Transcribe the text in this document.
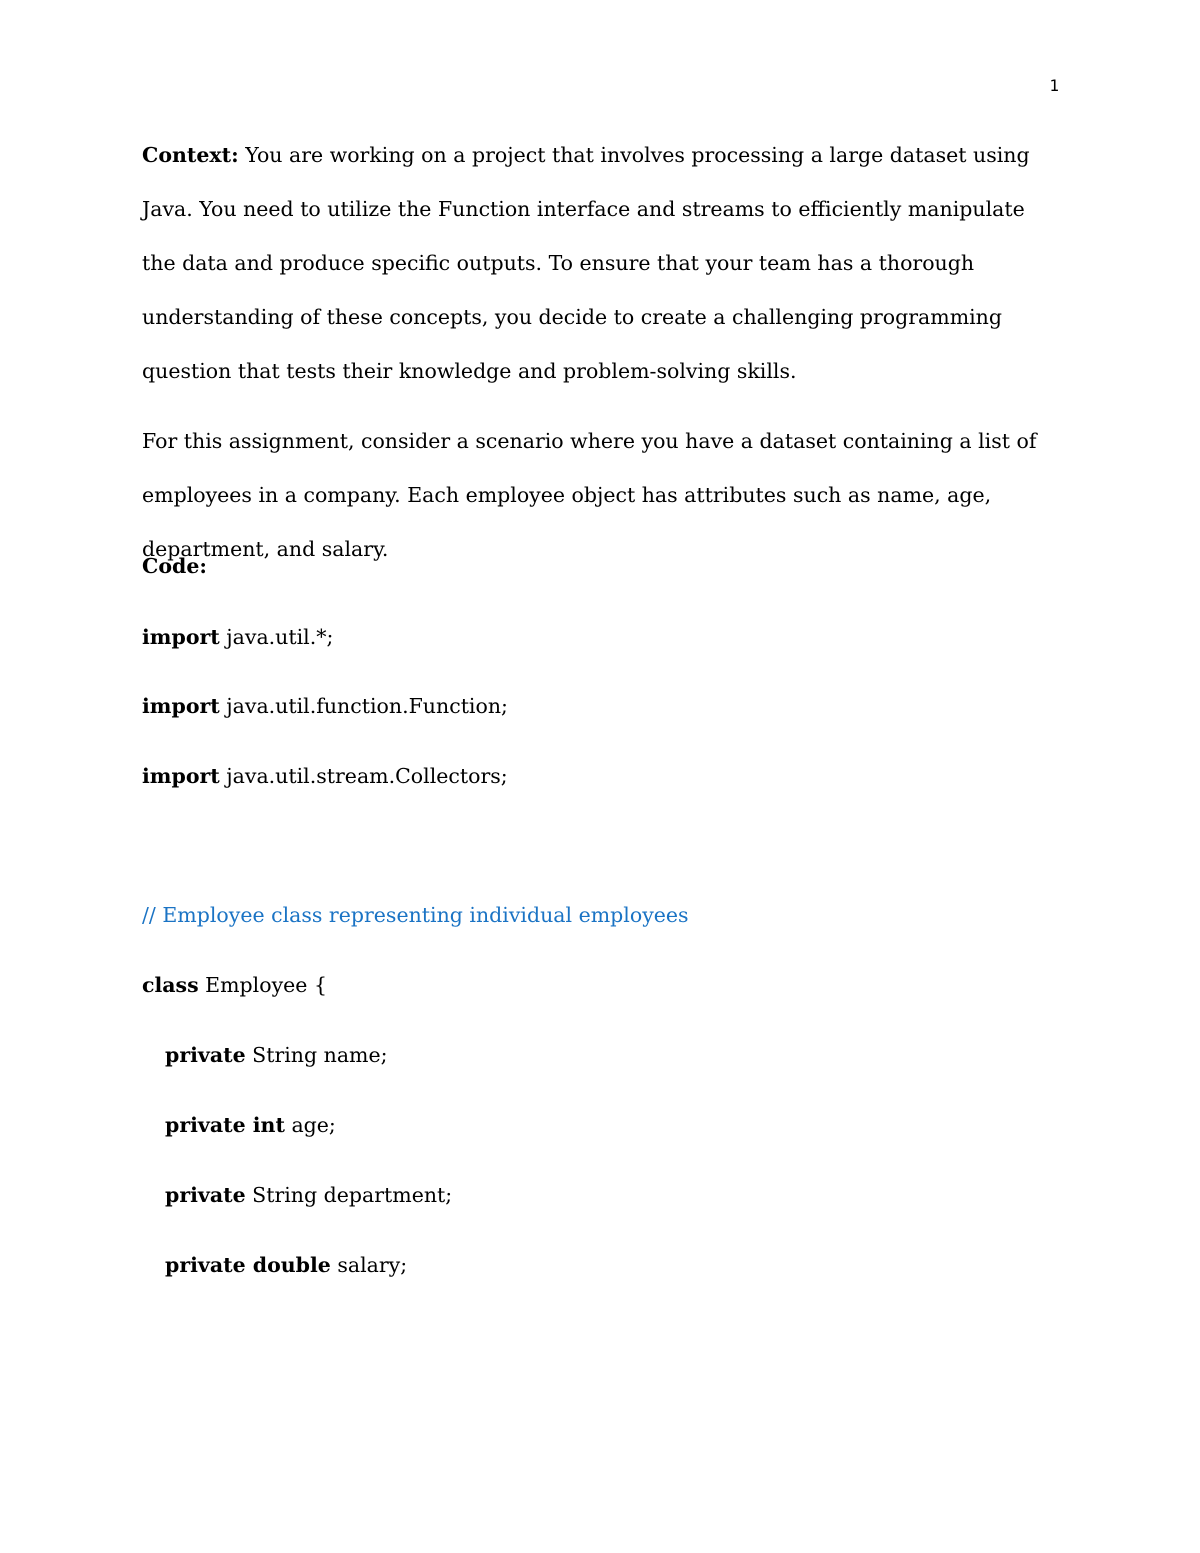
1

Context: You are working on a project that involves processing a large dataset using Java. You need to utilize the Function interface and streams to efficiently manipulate the data and produce specific outputs. To ensure that your team has a thorough understanding of these concepts, you decide to create a challenging programming question that tests their knowledge and problem-solving skills.

For this assignment, consider a scenario where you have a dataset containing a list of employees in a company. Each employee object has attributes such as name, age, department, and salary.

Code:
import java.util.*;
import java.util.function.Function;
import java.util.stream.Collectors;
// Employee class representing individual employees
class Employee {
private String name;
private int age;
private String department;
private double salary;
